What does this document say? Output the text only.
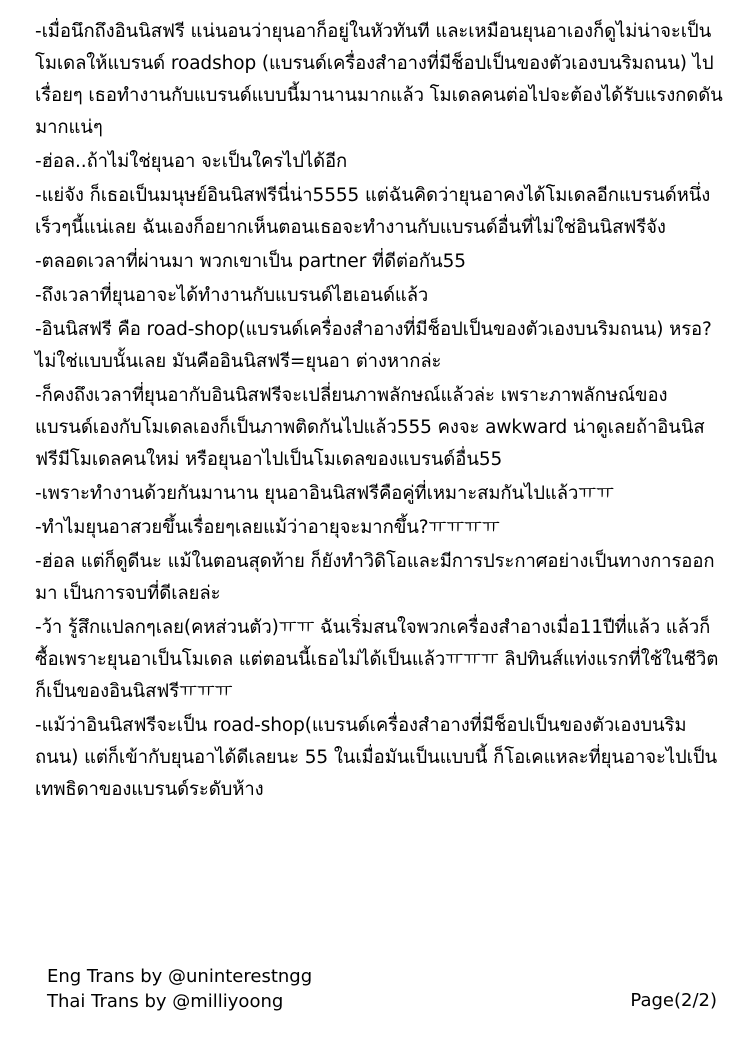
-เมื่อนึกถึงอินนิสฟรี แน่นอนว่ายุนอาก็อยู่ในหัวทันที และเหมือนยุนอาเองก็ดูไม่น่าจะเป็นโมเดลให้แบรนด์ roadshop (แบรนด์เครื่องสำอางที่มีช็อปเป็นของตัวเองบนริมถนน) ไปเรื่อยๆ เธอทำงานกับแบรนด์แบบนี้มานานมากแล้ว โมเดลคนต่อไปจะต้องได้รับแรงกดดันมากแน่ๆ

-ฮ่อล..ถ้าไม่ใช่ยุนอา จะเป็นใครไปได้อีก

-แย่จัง ก็เธอเป็นมนุษย์อินนิสฟรีนี่น่า5555 แต่ฉันคิดว่ายุนอาคงได้โมเดลอีกแบรนด์หนึ่งเร็วๆนี้แน่เลย ฉันเองก็อยากเห็นตอนเธอจะทำงานกับแบรนด์อื่นที่ไม่ใช่อินนิสฟรีจัง

-ตลอดเวลาที่ผ่านมา พวกเขาเป็น partner ที่ดีต่อกัน55

-ถึงเวลาที่ยุนอาจะได้ทำงานกับแบรนด์ไฮเอนด์แล้ว

-อินนิสฟรี คือ road-shop(แบรนด์เครื่องสำอางที่มีช็อปเป็นของตัวเองบนริมถนน) หรอ? ไม่ใช่แบบนั้นเลย มันคืออินนิสฟรี=ยุนอา ต่างหากล่ะ

-ก็คงถึงเวลาที่ยุนอากับอินนิสฟรีจะเปลี่ยนภาพลักษณ์แล้วล่ะ เพราะภาพลักษณ์ของแบรนด์เองกับโมเดลเองก็เป็นภาพติดกันไปแล้ว555 คงจะ awkward น่าดูเลยถ้าอินนิสฟรีมีโมเดลคนใหม่ หรือยุนอาไปเป็นโมเดลของแบรนด์อื่น55

-เพราะทำงานด้วยกันมานาน ยุนอาอินนิสฟรีคือคู่ที่เหมาะสมกันไปแล้วㅠㅠ

-ทำไมยุนอาสวยขึ้นเรื่อยๆเลยแม้ว่าอายุจะมากขึ้น?ㅠㅠㅠㅠ

-ฮ่อล แต่ก็ดูดีนะ แม้ในตอนสุดท้าย ก็ยังทำวิดิโอและมีการประกาศอย่างเป็นทางการออกมา เป็นการจบที่ดีเลยล่ะ

-ว้า รู้สึกแปลกๆเลย(คหส่วนตัว)ㅠㅠ ฉันเริ่มสนใจพวกเครื่องสำอางเมื่อ11ปีที่แล้ว แล้วก็ซื้อเพราะยุนอาเป็นโมเดล แต่ตอนนี้เธอไม่ได้เป็นแล้วㅠㅠㅠ ลิปทินส์แท่งแรกที่ใช้ในชีวิตก็เป็นของอินนิสฟรีㅠㅠㅠ

-แม้ว่าอินนิสฟรีจะเป็น road-shop(แบรนด์เครื่องสำอางที่มีช็อปเป็นของตัวเองบนริมถนน) แต่ก็เข้ากับยุนอาได้ดีเลยนะ 55 ในเมื่อมันเป็นแบบนี้ ก็โอเคแหละที่ยุนอาจะไปเป็นเทพธิดาของแบรนด์ระดับห้าง

Eng Trans by @uninterestngg
Thai Trans by @milliyoong	Page(2/2)
